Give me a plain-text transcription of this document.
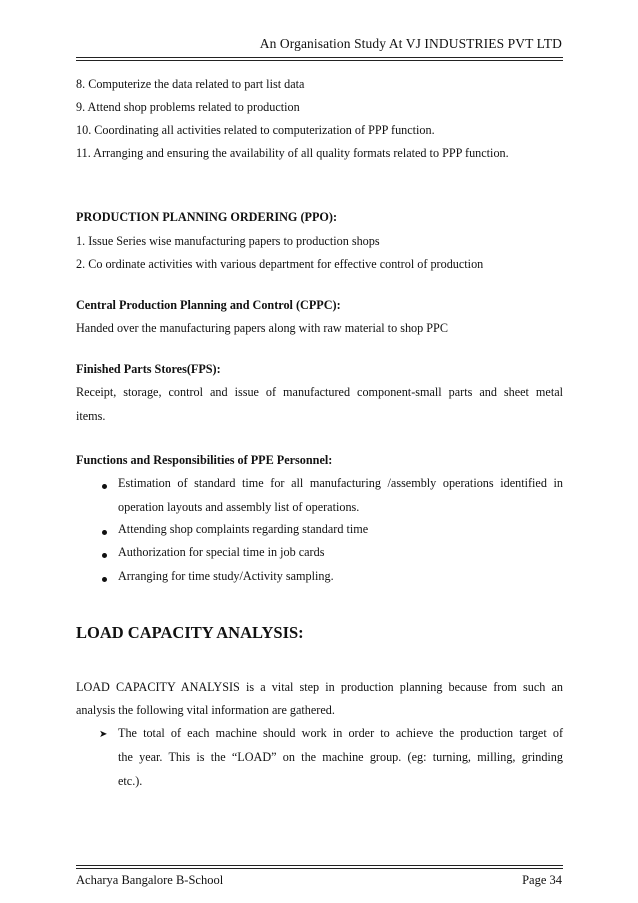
An Organisation Study At VJ INDUSTRIES PVT LTD
8. Computerize the data related to part list data
9. Attend shop problems related to production
10. Coordinating all activities related to computerization of PPP function.
11. Arranging and ensuring the availability of all quality formats related to PPP function.
PRODUCTION PLANNING ORDERING (PPO):
1. Issue Series wise manufacturing papers to production shops
2. Co ordinate activities with various department for effective control of production
Central Production Planning and Control (CPPC):
Handed over the manufacturing papers along with raw material to shop PPC
Finished Parts Stores(FPS):
Receipt, storage, control and issue of manufactured component-small parts and sheet metal
items.
Functions and Responsibilities of PPE Personnel:
Estimation of standard time for all manufacturing /assembly operations identified in
operation layouts and assembly list of operations.
Attending shop complaints regarding standard time
Authorization for special time in job cards
Arranging for time study/Activity sampling.
LOAD CAPACITY ANALYSIS:
LOAD CAPACITY ANALYSIS is a vital step in production planning because from such an
analysis the following vital information are gathered.
➤ The total of each machine should work in order to achieve the production target of
the year. This is the “LOAD” on the machine group. (eg: turning, milling, grinding
etc.).
Acharya Bangalore B-School	Page 34
